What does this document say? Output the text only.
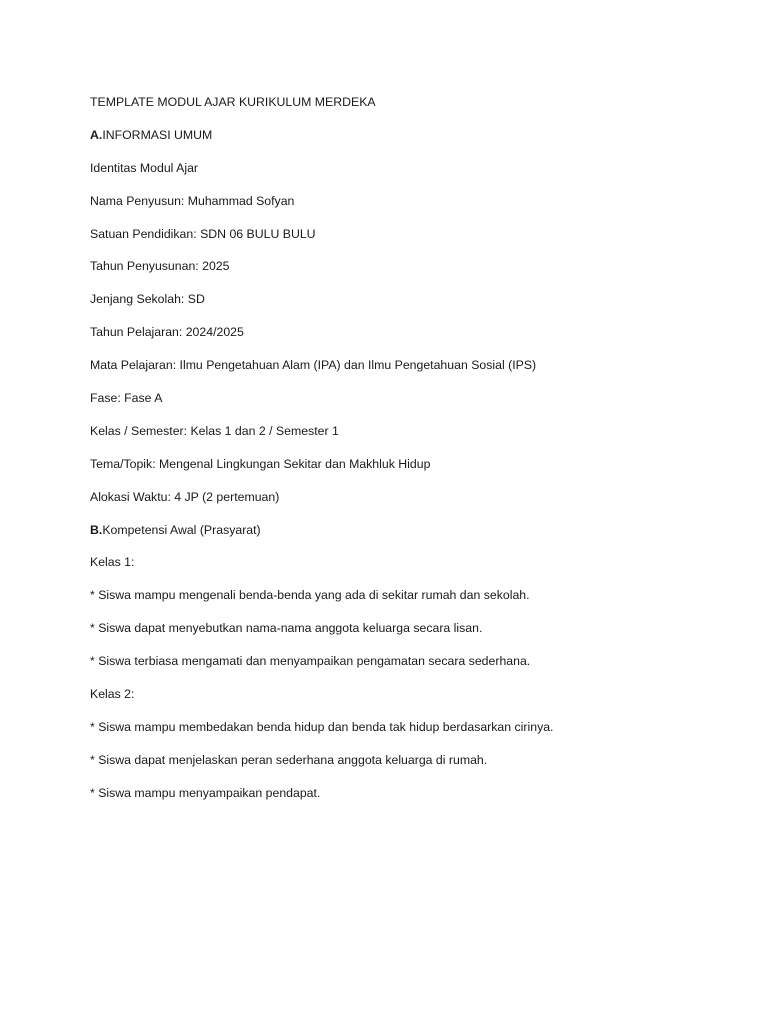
TEMPLATE MODUL AJAR KURIKULUM MERDEKA
A.INFORMASI UMUM
Identitas Modul Ajar
Nama Penyusun: Muhammad Sofyan
Satuan Pendidikan: SDN 06 BULU BULU
Tahun Penyusunan: 2025
Jenjang Sekolah: SD
Tahun Pelajaran: 2024/2025
Mata Pelajaran: Ilmu Pengetahuan Alam (IPA) dan Ilmu Pengetahuan Sosial (IPS)
Fase: Fase A
Kelas / Semester: Kelas 1 dan 2 / Semester 1
Tema/Topik: Mengenal Lingkungan Sekitar dan Makhluk Hidup
Alokasi Waktu: 4 JP (2 pertemuan)
B.Kompetensi Awal (Prasyarat)
Kelas 1:
* Siswa mampu mengenali benda-benda yang ada di sekitar rumah dan sekolah.
* Siswa dapat menyebutkan nama-nama anggota keluarga secara lisan.
* Siswa terbiasa mengamati dan menyampaikan pengamatan secara sederhana.
Kelas 2:
* Siswa mampu membedakan benda hidup dan benda tak hidup berdasarkan cirinya.
* Siswa dapat menjelaskan peran sederhana anggota keluarga di rumah.
* Siswa mampu menyampaikan pendapat.
